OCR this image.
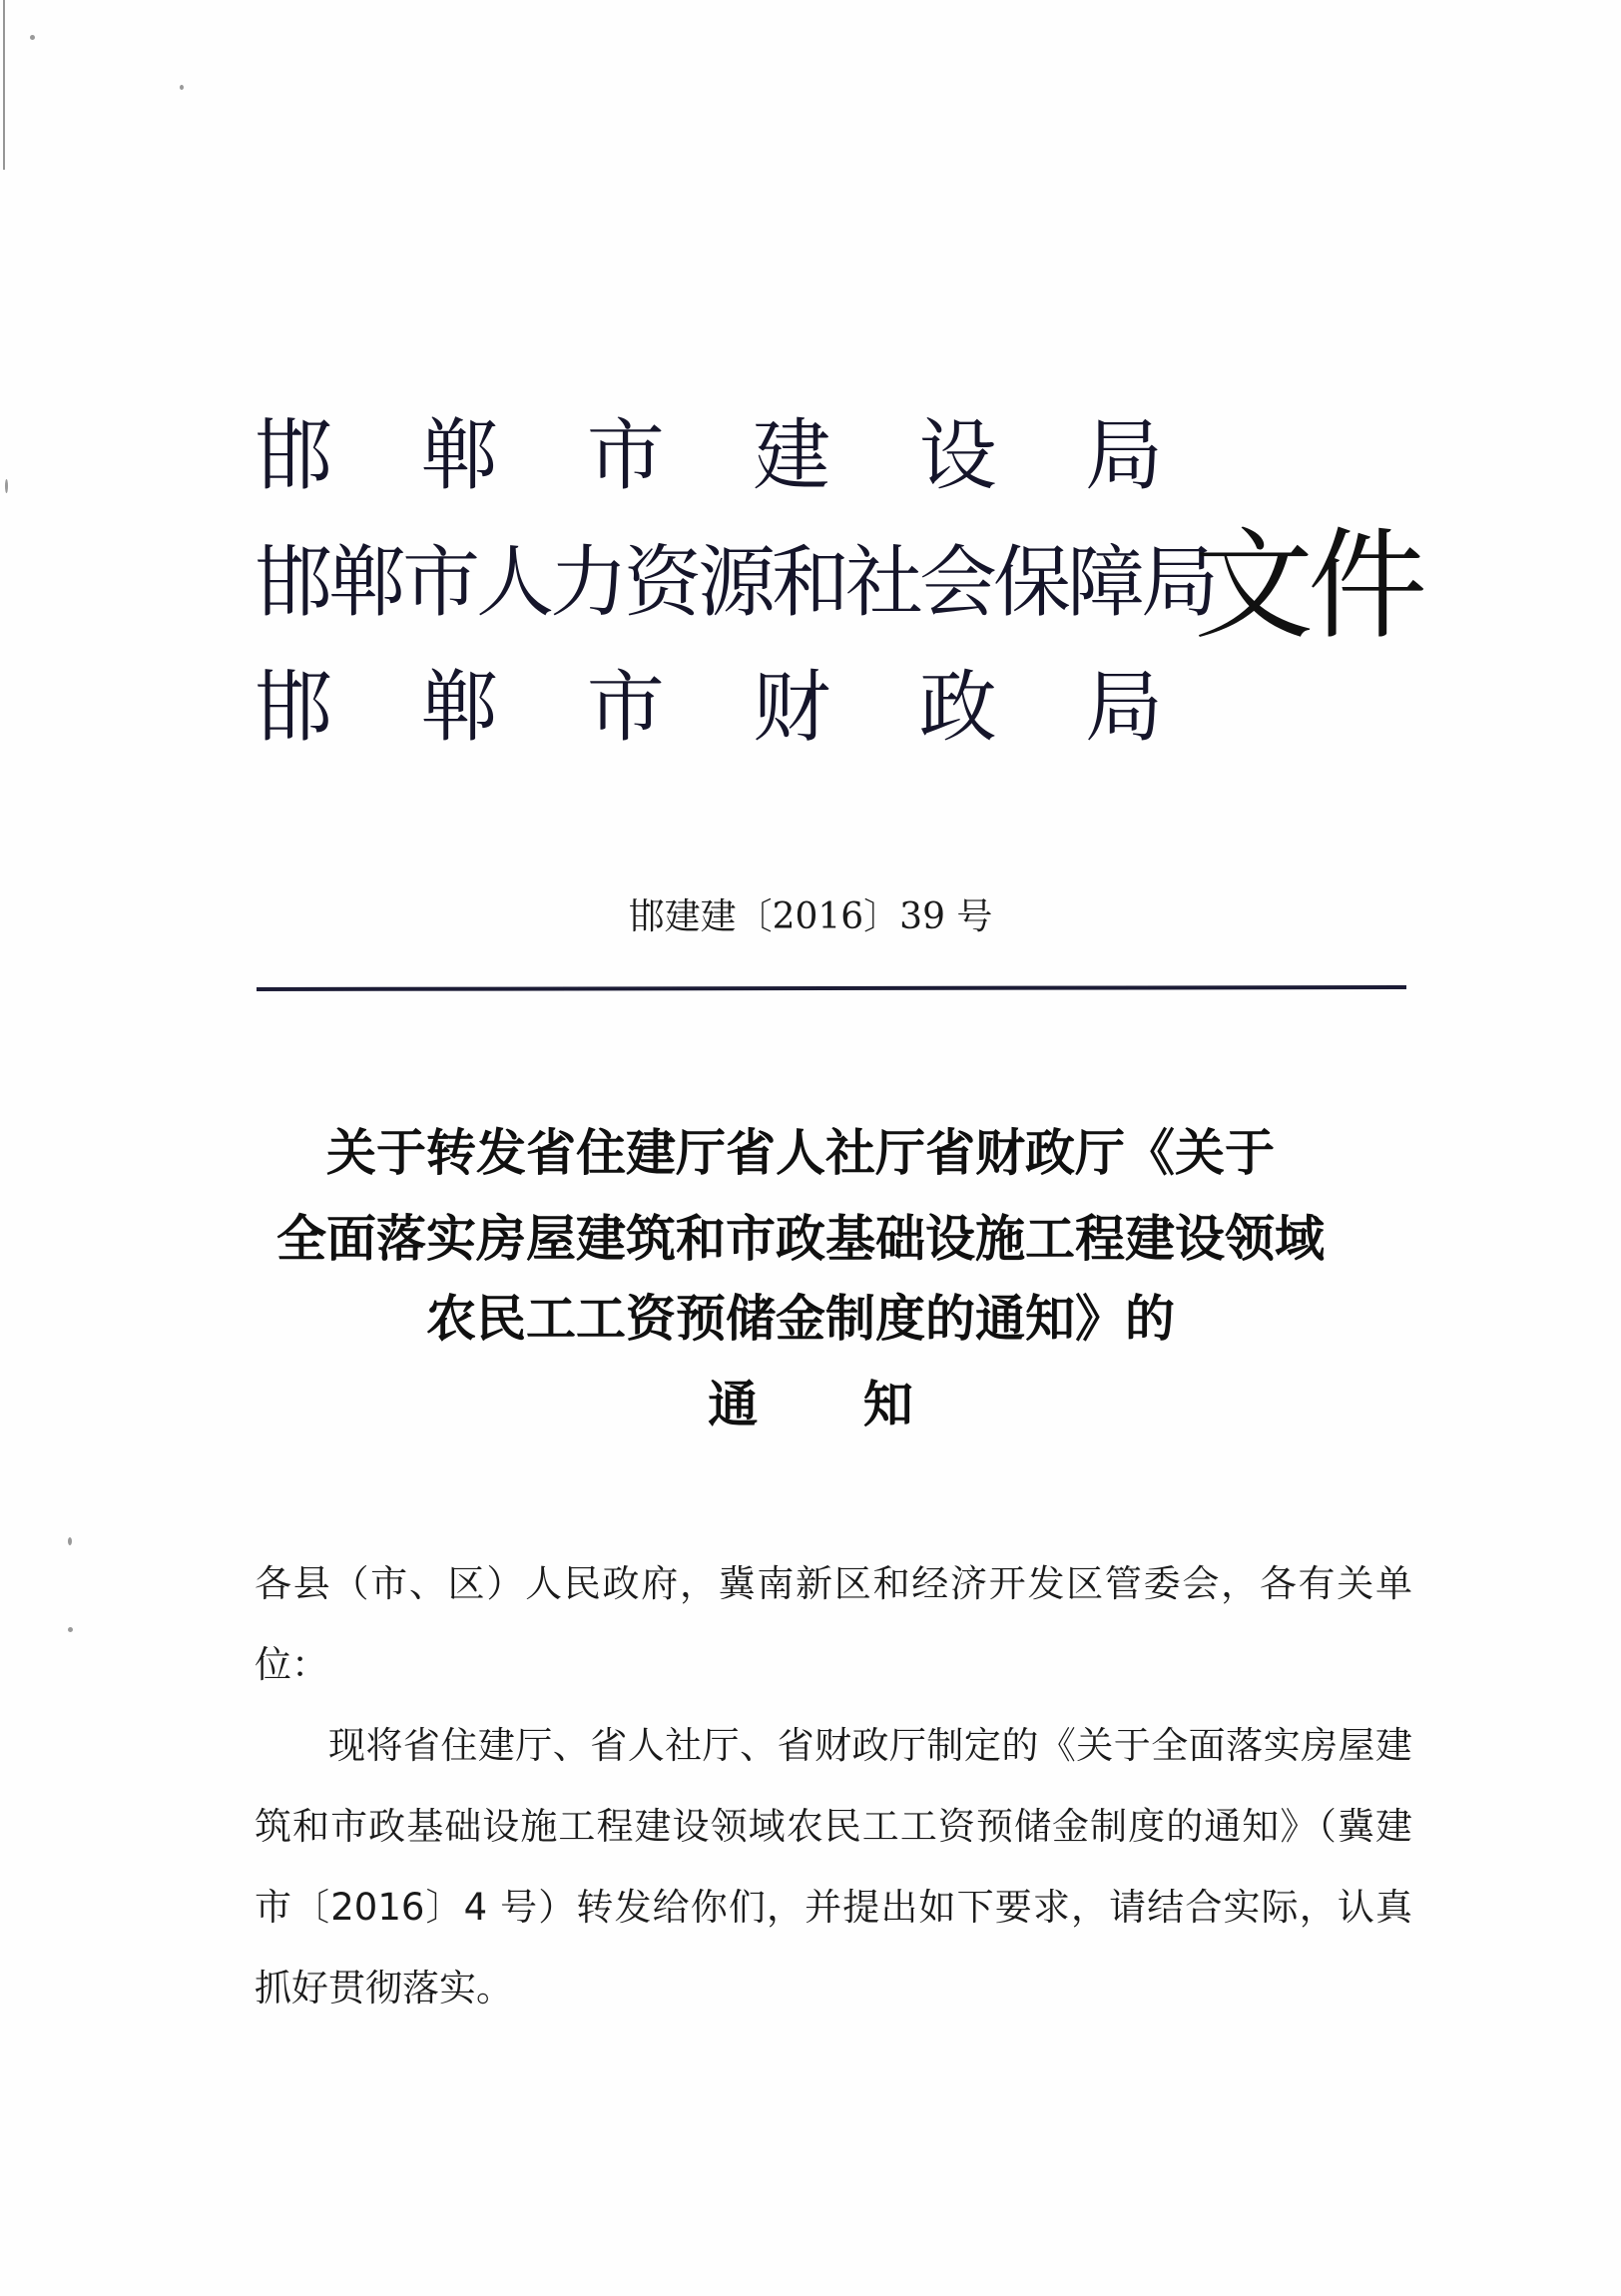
邯 郸 市 建 设 局
邯郸市人力资源和社会保障局
邯 郸 市 财 政 局
文件
邯建建〔2016〕39 号
关于转发省住建厅省人社厅省财政厅《关于
全面落实房屋建筑和市政基础设施工程建设领域
农民工工资预储金制度的通知》的
通 知
各县（市、区）人民政府，冀南新区和经济开发区管委会，各有关单位：
现将省住建厅、省人社厅、省财政厅制定的《关于全面落实房屋建筑和市政基础设施工程建设领域农民工工资预储金制度的通知》（冀建市〔2016〕4 号）转发给你们，并提出如下要求，请结合实际，认真抓好贯彻落实。
